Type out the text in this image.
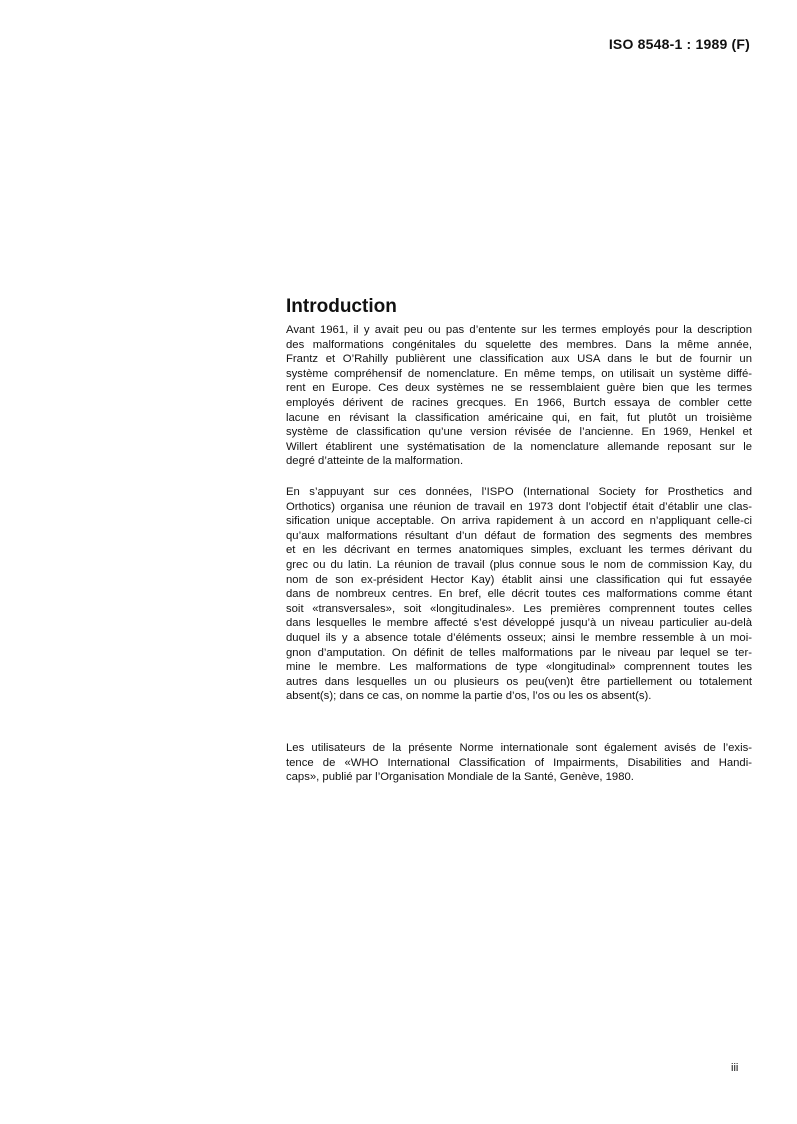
ISO 8548-1 : 1989 (F)
Introduction
Avant 1961, il y avait peu ou pas d’entente sur les termes employés pour la description
des malformations congénitales du squelette des membres. Dans la même année,
Frantz et O’Rahilly publièrent une classification aux USA dans le but de fournir un
système compréhensif de nomenclature. En même temps, on utilisait un système diffé-
rent en Europe. Ces deux systèmes ne se ressemblaient guère bien que les termes
employés dérivent de racines grecques. En 1966, Burtch essaya de combler cette
lacune en révisant la classification américaine qui, en fait, fut plutôt un troisième
système de classification qu’une version révisée de l’ancienne. En 1969, Henkel et
Willert établirent une systématisation de la nomenclature allemande reposant sur le
degré d’atteinte de la malformation.
En s’appuyant sur ces données, l’ISPO (International Society for Prosthetics and
Orthotics) organisa une réunion de travail en 1973 dont l’objectif était d’établir une clas-
sification unique acceptable. On arriva rapidement à un accord en n’appliquant celle-ci
qu’aux malformations résultant d’un défaut de formation des segments des membres
et en les décrivant en termes anatomiques simples, excluant les termes dérivant du
grec ou du latin. La réunion de travail (plus connue sous le nom de commission Kay, du
nom de son ex-président Hector Kay) établit ainsi une classification qui fut essayée
dans de nombreux centres. En bref, elle décrit toutes ces malformations comme étant
soit «transversales», soit «longitudinales». Les premières comprennent toutes celles
dans lesquelles le membre affecté s’est développé jusqu’à un niveau particulier au-delà
duquel ils y a absence totale d’éléments osseux; ainsi le membre ressemble à un moi-
gnon d’amputation. On définit de telles malformations par le niveau par lequel se ter-
mine le membre. Les malformations de type «longitudinal» comprennent toutes les
autres dans lesquelles un ou plusieurs os peu(ven)t être partiellement ou totalement
absent(s); dans ce cas, on nomme la partie d’os, l’os ou les os absent(s).
Les utilisateurs de la présente Norme internationale sont également avisés de l’exis-
tence de «WHO International Classification of Impairments, Disabilities and Handi-
caps», publié par l’Organisation Mondiale de la Santé, Genève, 1980.
iii
